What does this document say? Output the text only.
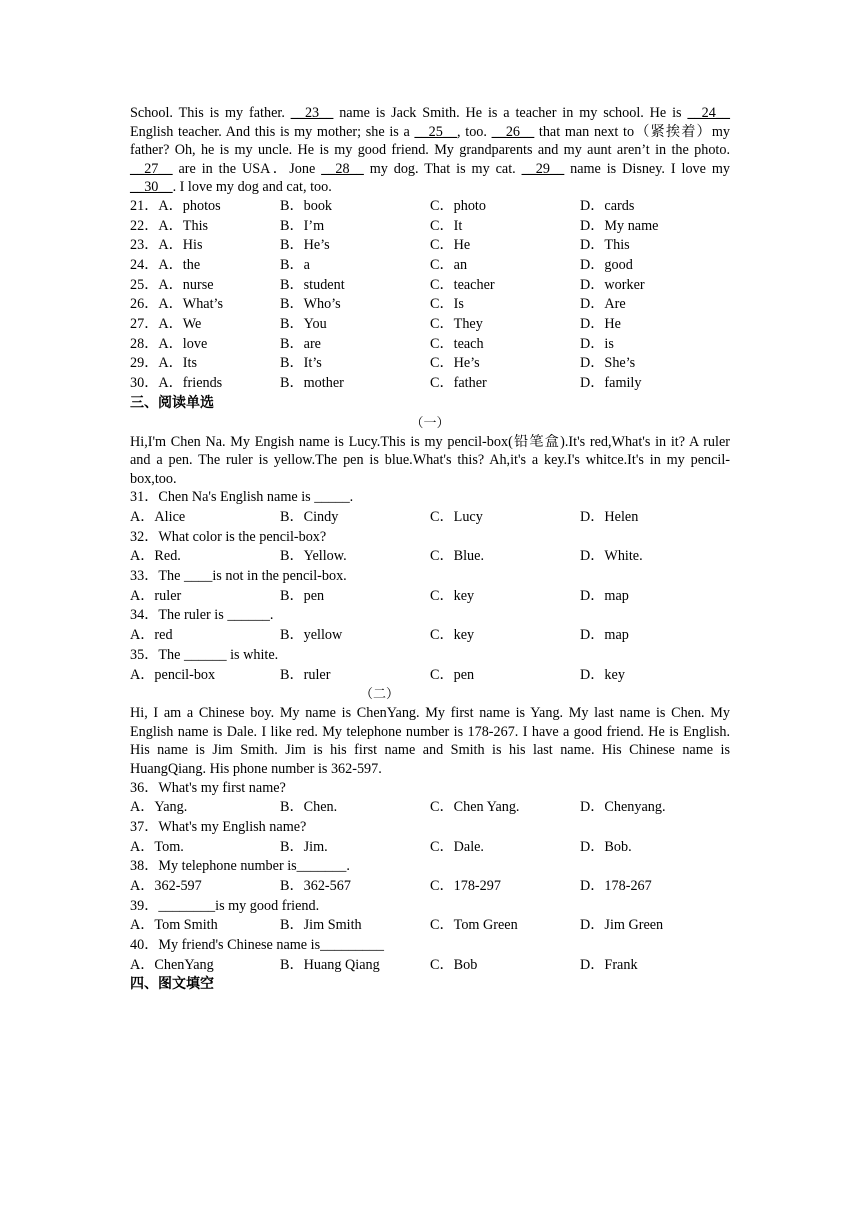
School. This is my father. __23__ name is Jack Smith. He is a teacher in my school. He is __24__ English teacher. And this is my mother; she is a __25__, too. __26__ that man next to（紧挨着）my father? Oh, he is my uncle. He is my good friend. My grandparents and my aunt aren’t in the photo. __27__ are in the USA．Jone __28__ my dog. That is my cat. __29__ name is Disney. I love my __30__. I love my dog and cat, too.

21．A．photos	B．book	C．photo	D．cards
22．A．This	B．I’m	C．It	D．My name
23．A．His	B．He’s	C．He	D．This
24．A．the	B．a	C．an	D．good
25．A．nurse	B．student	C．teacher	D．worker
26．A．What’s	B．Who’s	C．Is	D．Are
27．A．We	B．You	C．They	D．He
28．A．love	B．are	C．teach	D．is
29．A．Its	B．It’s	C．He’s	D．She’s
30．A．friends	B．mother	C．father	D．family
三、阅读单选
（一）

Hi,I'm Chen Na. My Engish name is Lucy.This is my pencil-box(铅笔盒).It's red,What's in it? A ruler and a pen. The ruler is yellow.The pen is blue.What's this? Ah,it's a key.I's whitce.It's in my pencil-box,too.

31．Chen Na's English name is _____.
A．Alice	B．Cindy	C．Lucy	D．Helen
32．What color is the pencil-box?
A．Red.	B．Yellow.	C．Blue.	D．White.
33．The ____is not in the pencil-box.
A．ruler	B．pen	C．key	D．map
34．The ruler is ______.
A．red	B．yellow	C．key	D．map
35．The ______ is white.
A．pencil-box	B．ruler	C．pen	D．key
（二）

Hi, I am a Chinese boy. My name is ChenYang. My first name is Yang. My last name is Chen. My English name is Dale. I like red. My telephone number is 178-267. I have a good friend. He is English. His name is Jim Smith. Jim is his first name and Smith is his last name. His Chinese name is HuangQiang. His phone number is 362-597.

36．What's my first name?
A．Yang.	B．Chen.	C．Chen Yang.	D．Chenyang.
37．What's my English name?
A．Tom.	B．Jim.	C．Dale.	D．Bob.
38．My telephone number is_______.
A．362-597	B．362-567	C．178-297	D．178-267
39．________is my good friend.
A．Tom Smith	B．Jim Smith	C．Tom Green	D．Jim Green
40．My friend's Chinese name is_________
A．ChenYang	B．Huang Qiang	C．Bob	D．Frank
四、图文填空
